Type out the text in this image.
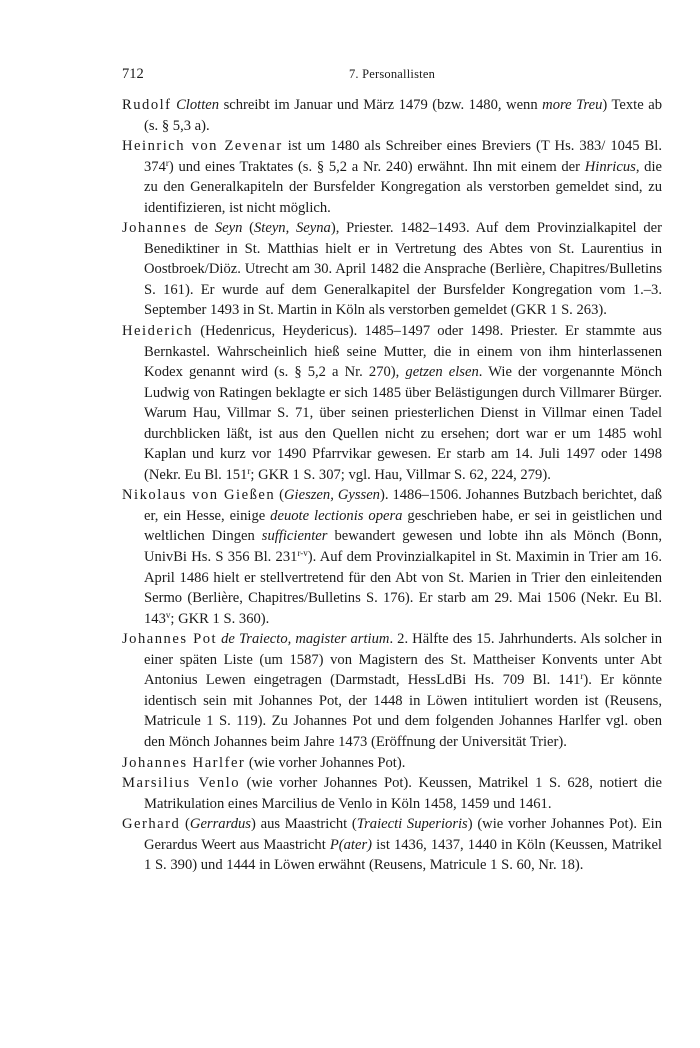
712	7. Personallisten

Rudolf Clotten schreibt im Januar und März 1479 (bzw. 1480, wenn more Treu) Texte ab (s. § 5,3 a).

Heinrich von Zevenar ist um 1480 als Schreiber eines Breviers (T Hs. 383/ 1045 Bl. 374$^r$) und eines Traktates (s. § 5,2 a Nr. 240) erwähnt. Ihn mit einem der Hinricus, die zu den Generalkapiteln der Bursfelder Kongregation als verstorben gemeldet sind, zu identifizieren, ist nicht möglich.

Johannes de Seyn (Steyn, Seyna), Priester. 1482–1493. Auf dem Provinzialkapitel der Benediktiner in St. Matthias hielt er in Vertretung des Abtes von St. Laurentius in Oostbroek/Diöz. Utrecht am 30. April 1482 die Ansprache (Berlière, Chapitres/Bulletins S. 161). Er wurde auf dem Generalkapitel der Bursfelder Kongregation vom 1.–3. September 1493 in St. Martin in Köln als verstorben gemeldet (GKR 1 S. 263).

Heiderich (Hedenricus, Heydericus). 1485–1497 oder 1498. Priester. Er stammte aus Bernkastel. Wahrscheinlich hieß seine Mutter, die in einem von ihm hinterlassenen Kodex genannt wird (s. § 5,2 a Nr. 270), getzen elsen. Wie der vorgenannte Mönch Ludwig von Ratingen beklagte er sich 1485 über Belästigungen durch Villmarer Bürger. Warum Hau, Villmar S. 71, über seinen priesterlichen Dienst in Villmar einen Tadel durchblicken läßt, ist aus den Quellen nicht zu ersehen; dort war er um 1485 wohl Kaplan und kurz vor 1490 Pfarrvikar gewesen. Er starb am 14. Juli 1497 oder 1498 (Nekr. Eu Bl. 151$^r$; GKR 1 S. 307; vgl. Hau, Villmar S. 62, 224, 279).

Nikolaus von Gießen (Gieszen, Gyssen). 1486–1506. Johannes Butzbach berichtet, daß er, ein Hesse, einige deuote lectionis opera geschrieben habe, er sei in geistlichen und weltlichen Dingen sufficienter bewandert gewesen und lobte ihn als Mönch (Bonn, UnivBi Hs. S 356 Bl. 231$^{r-v}$). Auf dem Provinzialkapitel in St. Maximin in Trier am 16. April 1486 hielt er stellvertretend für den Abt von St. Marien in Trier den einleitenden Sermo (Berlière, Chapitres/Bulletins S. 176). Er starb am 29. Mai 1506 (Nekr. Eu Bl. 143$^v$; GKR 1 S. 360).

Johannes Pot de Traiecto, magister artium. 2. Hälfte des 15. Jahrhunderts. Als solcher in einer späten Liste (um 1587) von Magistern des St. Mattheiser Konvents unter Abt Antonius Lewen eingetragen (Darmstadt, HessLdBi Hs. 709 Bl. 141$^r$). Er könnte identisch sein mit Johannes Pot, der 1448 in Löwen intituliert worden ist (Reusens, Matricule 1 S. 119). Zu Johannes Pot und dem folgenden Johannes Harlfer vgl. oben den Mönch Johannes beim Jahre 1473 (Eröffnung der Universität Trier).

Johannes Harlfer (wie vorher Johannes Pot).

Marsilius Venlo (wie vorher Johannes Pot). Keussen, Matrikel 1 S. 628, notiert die Matrikulation eines Marcilius de Venlo in Köln 1458, 1459 und 1461.

Gerhard (Gerrardus) aus Maastricht (Traiecti Superioris) (wie vorher Johannes Pot). Ein Gerardus Weert aus Maastricht P(ater) ist 1436, 1437, 1440 in Köln (Keussen, Matrikel 1 S. 390) und 1444 in Löwen erwähnt (Reusens, Matricule 1 S. 60, Nr. 18).
